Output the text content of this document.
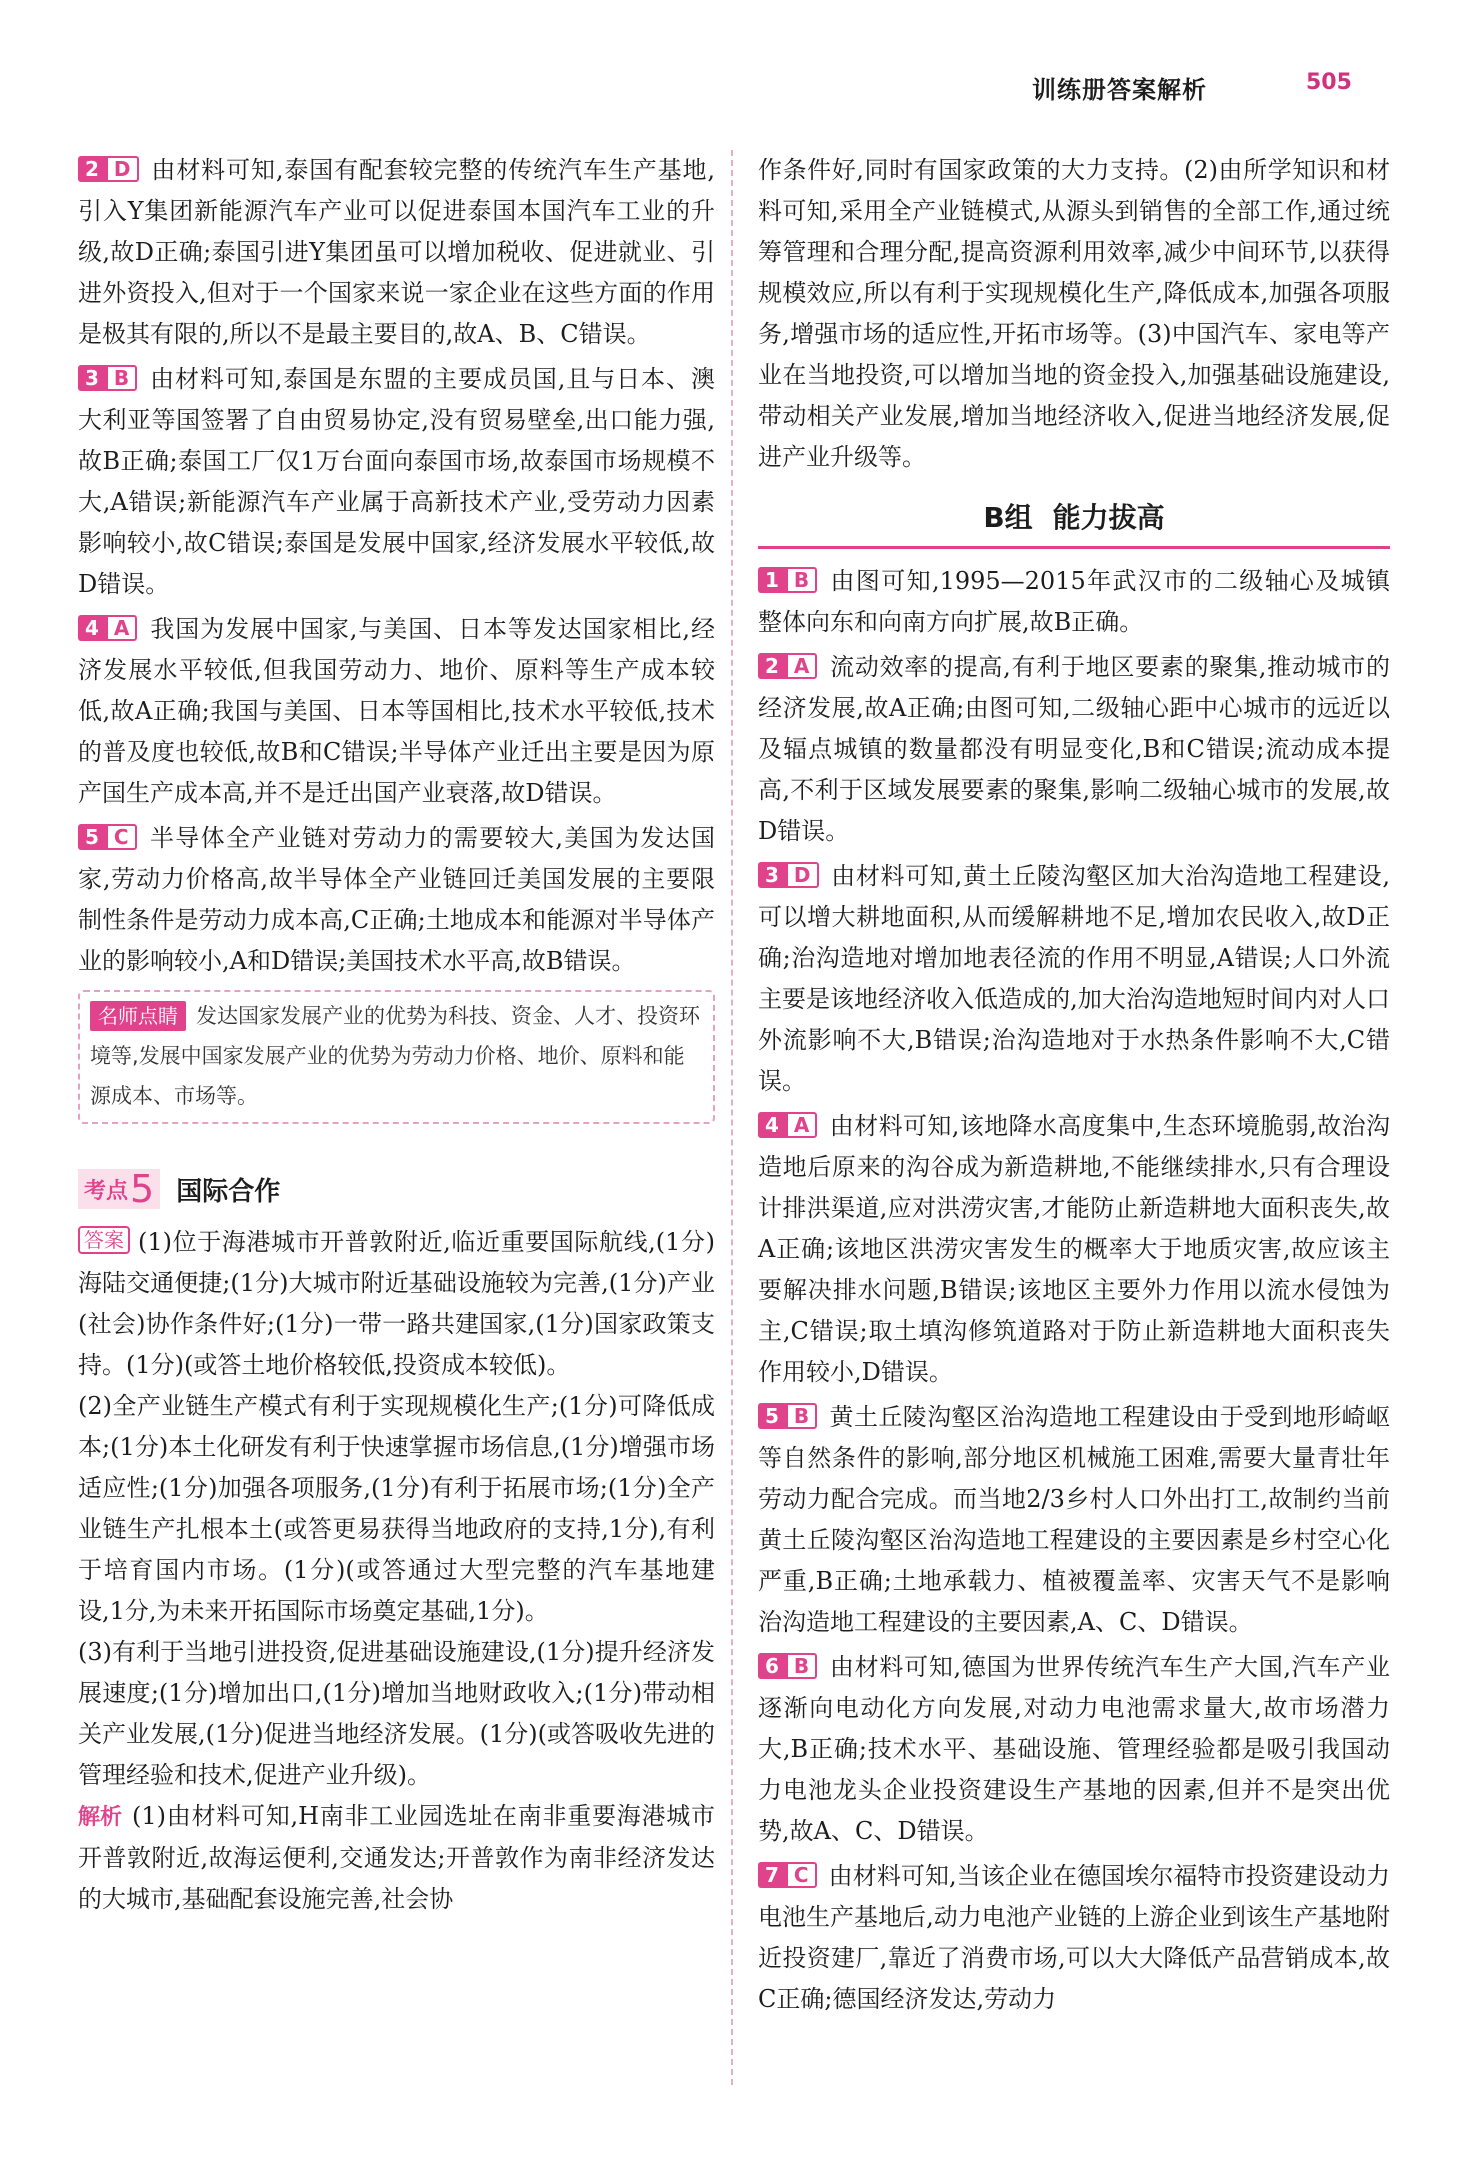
训练册答案解析	505
2 D 由材料可知,泰国有配套较完整的传统汽车生产基地,引入Y集团新能源汽车产业可以促进泰国本国汽车工业的升级,故D正确;泰国引进Y集团虽可以增加税收、促进就业、引进外资投入,但对于一个国家来说一家企业在这些方面的作用是极其有限的,所以不是最主要目的,故A、B、C错误。
3 B 由材料可知,泰国是东盟的主要成员国,且与日本、澳大利亚等国签署了自由贸易协定,没有贸易壁垒,出口能力强,故B正确;泰国工厂仅1万台面向泰国市场,故泰国市场规模不大,A错误;新能源汽车产业属于高新技术产业,受劳动力因素影响较小,故C错误;泰国是发展中国家,经济发展水平较低,故D错误。
4 A 我国为发展中国家,与美国、日本等发达国家相比,经济发展水平较低,但我国劳动力、地价、原料等生产成本较低,故A正确;我国与美国、日本等国相比,技术水平较低,技术的普及度也较低,故B和C错误;半导体产业迁出主要是因为原产国生产成本高,并不是迁出国产业衰落,故D错误。
5 C 半导体全产业链对劳动力的需要较大,美国为发达国家,劳动力价格高,故半导体全产业链回迁美国发展的主要限制性条件是劳动力成本高,C正确;土地成本和能源对半导体产业的影响较小,A和D错误;美国技术水平高,故B错误。
名师点睛 发达国家发展产业的优势为科技、资金、人才、投资环境等,发展中国家发展产业的优势为劳动力价格、地价、原料和能源成本、市场等。
考点 5 国际合作

答案 (1)位于海港城市开普敦附近,临近重要国际航线,(1分)海陆交通便捷;(1分)大城市附近基础设施较为完善,(1分)产业(社会)协作条件好;(1分)一带一路共建国家,(1分)国家政策支持。(1分)(或答土地价格较低,投资成本较低)。

(2)全产业链生产模式有利于实现规模化生产;(1分)可降低成本;(1分)本土化研发有利于快速掌握市场信息,(1分)增强市场适应性;(1分)加强各项服务,(1分)有利于拓展市场;(1分)全产业链生产扎根本土(或答更易获得当地政府的支持,1分),有利于培育国内市场。(1分)(或答通过大型完整的汽车基地建设,1分,为未来开拓国际市场奠定基础,1分)。

(3)有利于当地引进投资,促进基础设施建设,(1分)提升经济发展速度;(1分)增加出口,(1分)增加当地财政收入;(1分)带动相关产业发展,(1分)促进当地经济发展。(1分)(或答吸收先进的管理经验和技术,促进产业升级)。

解析 (1)由材料可知,H南非工业园选址在南非重要海港城市开普敦附近,故海运便利,交通发达;开普敦作为南非经济发达的大城市,基础配套设施完善,社会协

作条件好,同时有国家政策的大力支持。(2)由所学知识和材料可知,采用全产业链模式,从源头到销售的全部工作,通过统筹管理和合理分配,提高资源利用效率,减少中间环节,以获得规模效应,所以有利于实现规模化生产,降低成本,加强各项服务,增强市场的适应性,开拓市场等。(3)中国汽车、家电等产业在当地投资,可以增加当地的资金投入,加强基础设施建设,带动相关产业发展,增加当地经济收入,促进当地经济发展,促进产业升级等。

B组 能力拔高
1 B 由图可知,1995—2015年武汉市的二级轴心及城镇整体向东和向南方向扩展,故B正确。
2 A 流动效率的提高,有利于地区要素的聚集,推动城市的经济发展,故A正确;由图可知,二级轴心距中心城市的远近以及辐点城镇的数量都没有明显变化,B和C错误;流动成本提高,不利于区域发展要素的聚集,影响二级轴心城市的发展,故D错误。
3 D 由材料可知,黄土丘陵沟壑区加大治沟造地工程建设,可以增大耕地面积,从而缓解耕地不足,增加农民收入,故D正确;治沟造地对增加地表径流的作用不明显,A错误;人口外流主要是该地经济收入低造成的,加大治沟造地短时间内对人口外流影响不大,B错误;治沟造地对于水热条件影响不大,C错误。
4 A 由材料可知,该地降水高度集中,生态环境脆弱,故治沟造地后原来的沟谷成为新造耕地,不能继续排水,只有合理设计排洪渠道,应对洪涝灾害,才能防止新造耕地大面积丧失,故A正确;该地区洪涝灾害发生的概率大于地质灾害,故应该主要解决排水问题,B错误;该地区主要外力作用以流水侵蚀为主,C错误;取土填沟修筑道路对于防止新造耕地大面积丧失作用较小,D错误。
5 B 黄土丘陵沟壑区治沟造地工程建设由于受到地形崎岖等自然条件的影响,部分地区机械施工困难,需要大量青壮年劳动力配合完成。而当地2/3乡村人口外出打工,故制约当前黄土丘陵沟壑区治沟造地工程建设的主要因素是乡村空心化严重,B正确;土地承载力、植被覆盖率、灾害天气不是影响治沟造地工程建设的主要因素,A、C、D错误。
6 B 由材料可知,德国为世界传统汽车生产大国,汽车产业逐渐向电动化方向发展,对动力电池需求量大,故市场潜力大,B正确;技术水平、基础设施、管理经验都是吸引我国动力电池龙头企业投资建设生产基地的因素,但并不是突出优势,故A、C、D错误。
7 C 由材料可知,当该企业在德国埃尔福特市投资建设动力电池生产基地后,动力电池产业链的上游企业到该生产基地附近投资建厂,靠近了消费市场,可以大大降低产品营销成本,故C正确;德国经济发达,劳动力
